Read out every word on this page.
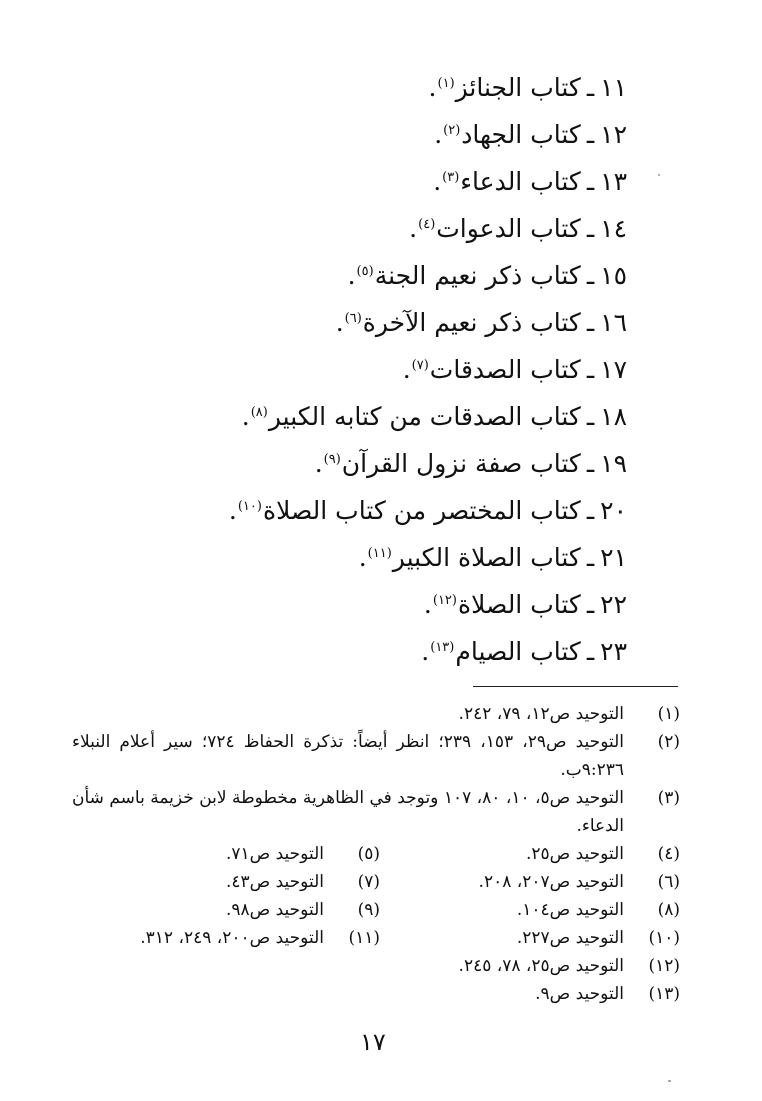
١١ـكتاب الجنائز$^{(١)}$.
١٢ـكتاب الجهاد$^{(٢)}$.
١٣ـكتاب الدعاء$^{(٣)}$.
١٤ـكتاب الدعوات$^{(٤)}$.
١٥ـكتاب ذكر نعيم الجنة$^{(٥)}$.
١٦ـكتاب ذكر نعيم الآخرة$^{(٦)}$.
١٧ـكتاب الصدقات$^{(٧)}$.
١٨ـكتاب الصدقات من كتابه الكبير$^{(٨)}$.
١٩ـكتاب صفة نزول القرآن$^{(٩)}$.
٢٠ـكتاب المختصر من كتاب الصلاة$^{(١٠)}$.
٢١ـكتاب الصلاة الكبير$^{(١١)}$.
٢٢ـكتاب الصلاة$^{(١٢)}$.
٢٣ـكتاب الصيام$^{(١٣)}$.
(١)
التوحيد ص١٢، ٧٩، ٢٤٢.
(٢)
التوحيد ص٢٩، ١٥٣، ٢٣٩؛ انظر أيضاً: تذكرة الحفاظ ٧٢٤؛ سير أعلام النبلاء ٩:٢٣٦ب.
(٣)
التوحيد ص٥، ١٠، ٨٠، ١٠٧ وتوجد في الظاهرية مخطوطة لابن خزيمة باسم شأن الدعاء.
(٤)
التوحيد ص٢٥.
(٥)
التوحيد ص٧١.
(٦)
التوحيد ص٢٠٧، ٢٠٨.
(٧)
التوحيد ص٤٣.
(٨)
التوحيد ص١٠٤.
(٩)
التوحيد ص٩٨.
(١٠)
التوحيد ص٢٢٧.
(١١)
التوحيد ص٢٠٠، ٢٤٩، ٣١٢.
(١٢)
التوحيد ص٢٥، ٧٨، ٢٤٥.
(١٣)
التوحيد ص٩.
١٧
